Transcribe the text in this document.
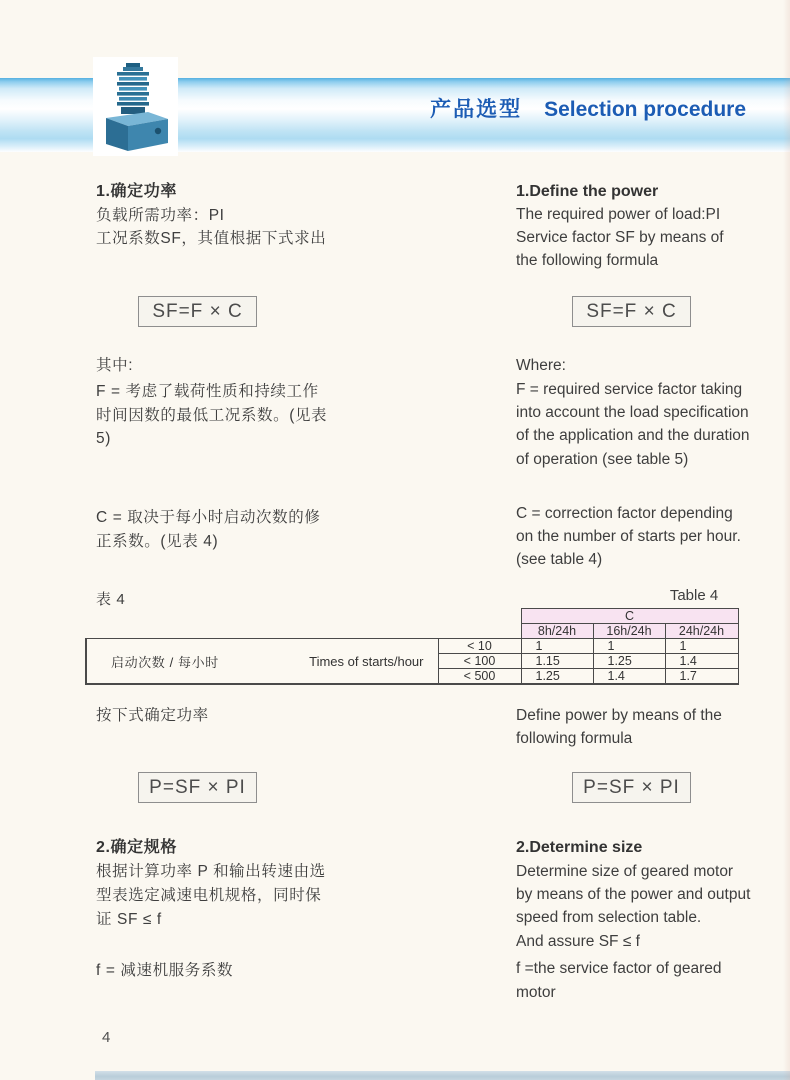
产品选型 Selection procedure
1.确定功率
负载所需功率：PI
工况系数SF，其值根据下式求出
SF=F × C
其中:
F = 考虑了载荷性质和持续工作
时间因数的最低工况系数。(见表
5)
C = 取决于每小时启动次数的修
正系数。(见表 4)
表 4
按下式确定功率
P=SF × PI
2.确定规格
根据计算功率 P 和输出转速由选
型表选定减速电机规格，同时保
证 SF ≤ f
f = 减速机服务系数
1.Define the power
The required power of load:PI
Service factor SF by means of
the following formula
SF=F × C
Where:
F = required service factor taking
into account the load specification
of the application and the duration
of operation (see table 5)
C = correction factor depending
on the number of starts per hour.
(see table 4)
Define power by means of the
following formula
P=SF × PI
2.Determine size
Determine size of geared motor
by means of the power and output
speed from selection table.
And assure SF ≤ f
f =the service factor of geared
motor
Table 4
		C		
		8h/24h	16h/24h	24h/24h

启动次数 / 每小时 Times of starts/hour	< 10	1	1	1
	< 100	1.15	1.25	1.4
	< 500	1.25	1.4	1.7
4
